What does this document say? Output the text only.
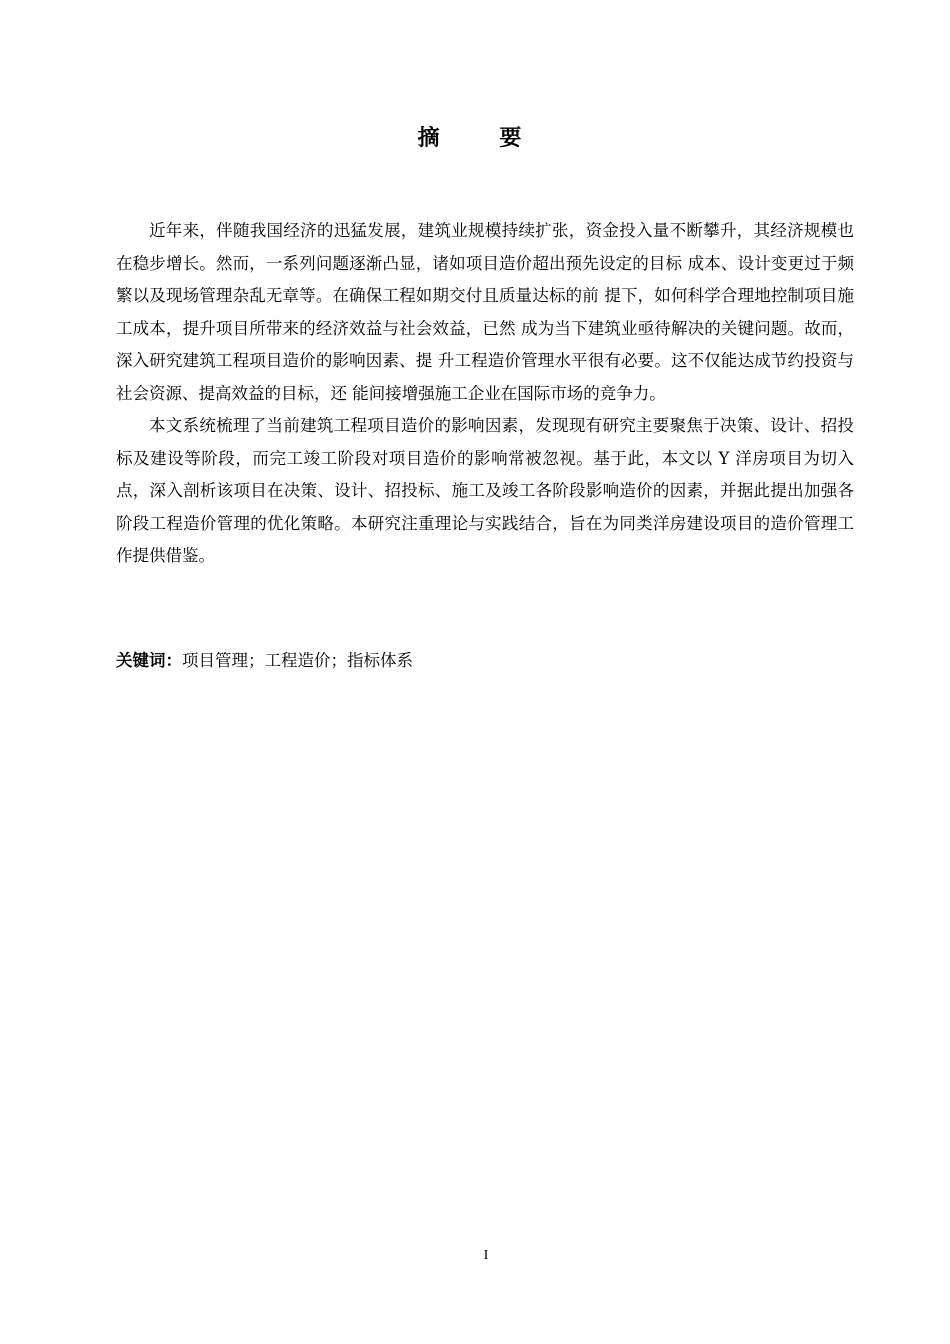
摘 要

近年来，伴随我国经济的迅猛发展，建筑业规模持续扩张，资金投入量不断攀升，其经济规模也在稳步增长。然而，一系列问题逐渐凸显，诸如项目造价超出预先设定的目标 成本、设计变更过于频繁以及现场管理杂乱无章等。在确保工程如期交付且质量达标的前 提下，如何科学合理地控制项目施工成本，提升项目所带来的经济效益与社会效益，已然 成为当下建筑业亟待解决的关键问题。故而，深入研究建筑工程项目造价的影响因素、提 升工程造价管理水平很有必要。这不仅能达成节约投资与社会资源、提高效益的目标，还 能间接增强施工企业在国际市场的竞争力。

本文系统梳理了当前建筑工程项目造价的影响因素，发现现有研究主要聚焦于决策、设计、招投标及建设等阶段，而完工竣工阶段对项目造价的影响常被忽视。基于此，本文以 Y 洋房项目为切入点，深入剖析该项目在决策、设计、招投标、施工及竣工各阶段影响造价的因素，并据此提出加强各阶段工程造价管理的优化策略。本研究注重理论与实践结合，旨在为同类洋房建设项目的造价管理工作提供借鉴。

关键词：项目管理；工程造价；指标体系
I
